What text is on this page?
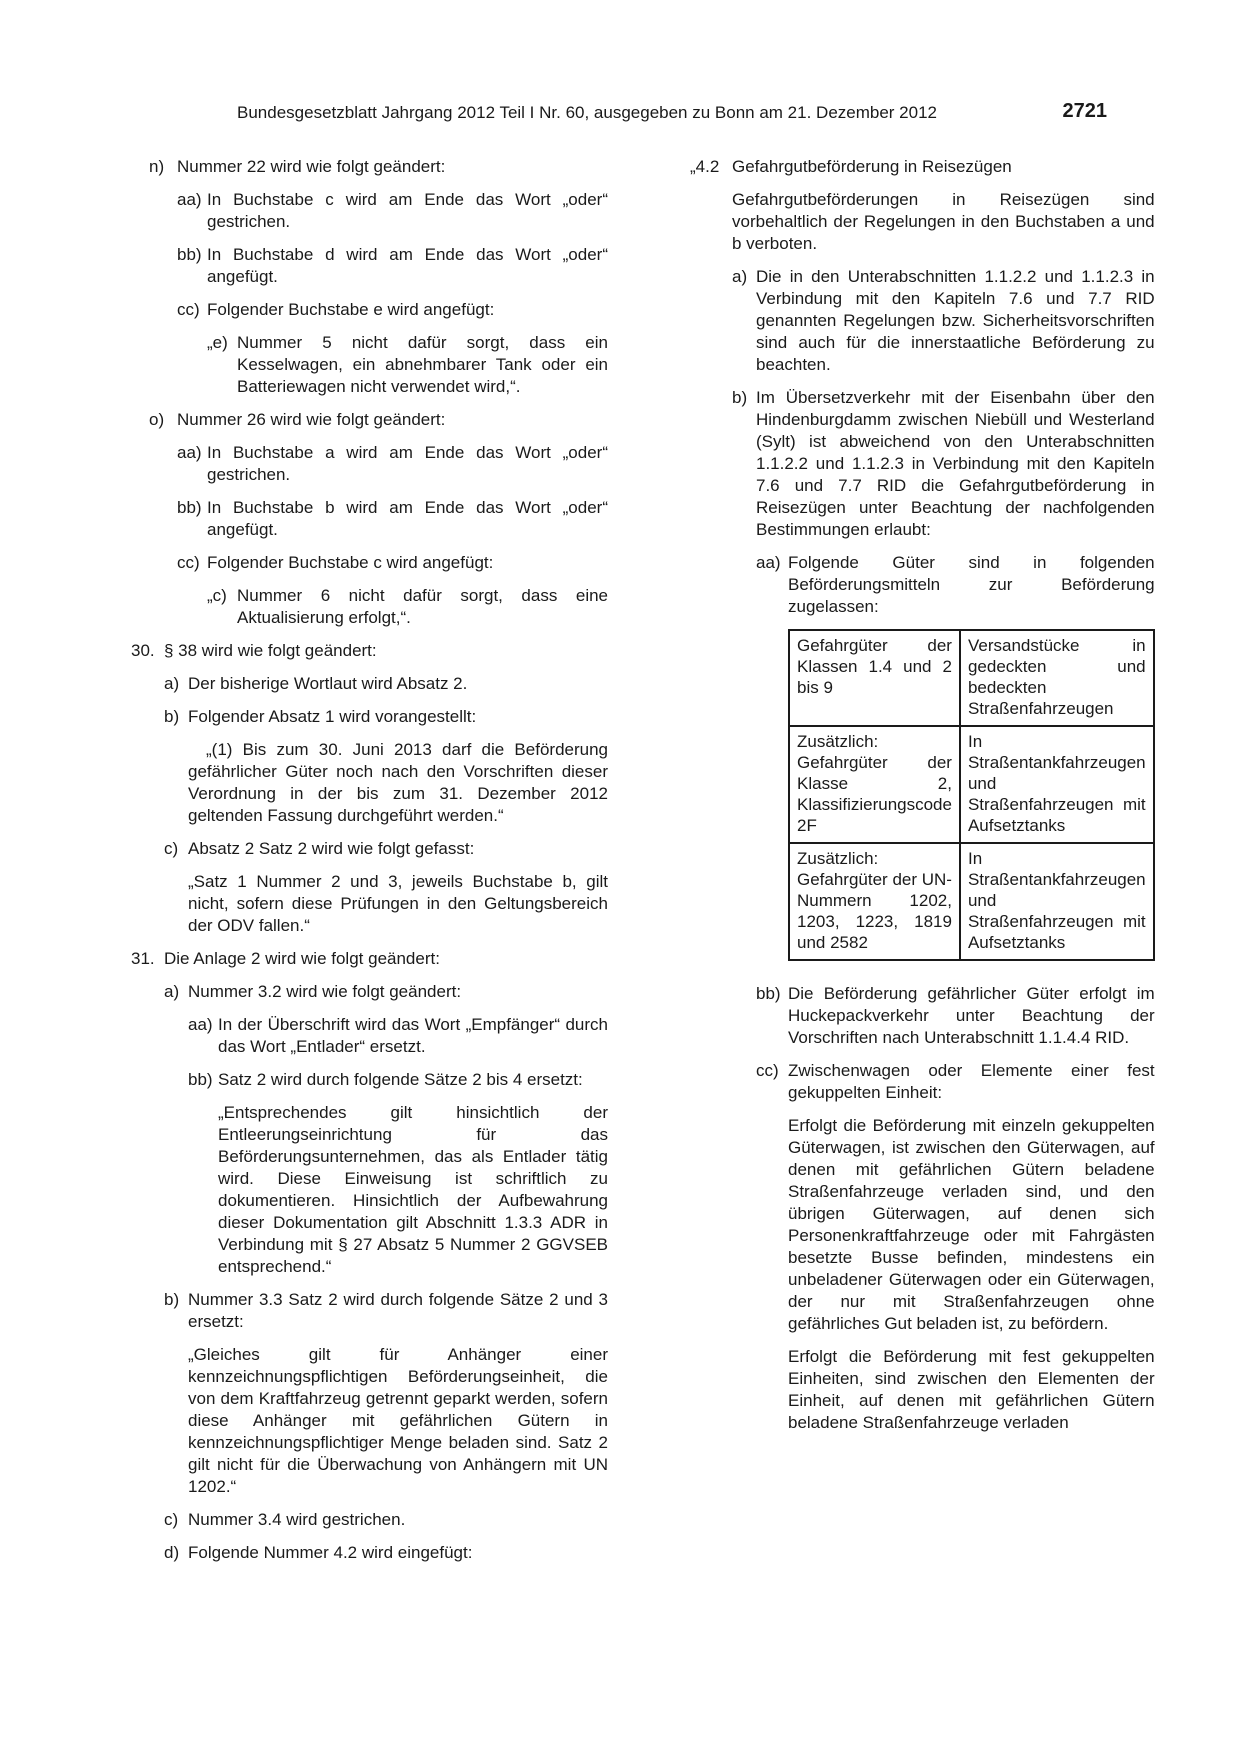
Bundesgesetzblatt Jahrgang 2012 Teil I Nr. 60, ausgegeben zu Bonn am 21. Dezember 2012	2721
n) Nummer 22 wird wie folgt geändert:
aa) In Buchstabe c wird am Ende das Wort „oder“ gestrichen.
bb) In Buchstabe d wird am Ende das Wort „oder“ angefügt.
cc) Folgender Buchstabe e wird angefügt:
„e) Nummer 5 nicht dafür sorgt, dass ein Kesselwagen, ein abnehmbarer Tank oder ein Batteriewagen nicht verwendet wird,“.
o) Nummer 26 wird wie folgt geändert:
aa) In Buchstabe a wird am Ende das Wort „oder“ gestrichen.
bb) In Buchstabe b wird am Ende das Wort „oder“ angefügt.
cc) Folgender Buchstabe c wird angefügt:
„c) Nummer 6 nicht dafür sorgt, dass eine Aktualisierung erfolgt,“.
30. § 38 wird wie folgt geändert:
a) Der bisherige Wortlaut wird Absatz 2.
b) Folgender Absatz 1 wird vorangestellt:
„(1) Bis zum 30. Juni 2013 darf die Beförderung gefährlicher Güter noch nach den Vorschriften dieser Verordnung in der bis zum 31. Dezember 2012 geltenden Fassung durchgeführt werden.“
c) Absatz 2 Satz 2 wird wie folgt gefasst:
„Satz 1 Nummer 2 und 3, jeweils Buchstabe b, gilt nicht, sofern diese Prüfungen in den Geltungsbereich der ODV fallen.“
31. Die Anlage 2 wird wie folgt geändert:
a) Nummer 3.2 wird wie folgt geändert:
aa) In der Überschrift wird das Wort „Empfänger“ durch das Wort „Entlader“ ersetzt.
bb) Satz 2 wird durch folgende Sätze 2 bis 4 ersetzt:
„Entsprechendes gilt hinsichtlich der Entleerungseinrichtung für das Beförderungsunternehmen, das als Entlader tätig wird. Diese Einweisung ist schriftlich zu dokumentieren. Hinsichtlich der Aufbewahrung dieser Dokumentation gilt Abschnitt 1.3.3 ADR in Verbindung mit § 27 Absatz 5 Nummer 2 GGVSEB entsprechend.“
b) Nummer 3.3 Satz 2 wird durch folgende Sätze 2 und 3 ersetzt:
„Gleiches gilt für Anhänger einer kennzeichnungspflichtigen Beförderungseinheit, die von dem Kraftfahrzeug getrennt geparkt werden, sofern diese Anhänger mit gefährlichen Gütern in kennzeichnungspflichtiger Menge beladen sind. Satz 2 gilt nicht für die Überwachung von Anhängern mit UN 1202.“
c) Nummer 3.4 wird gestrichen.
d) Folgende Nummer 4.2 wird eingefügt:
„4.2 Gefahrgutbeförderung in Reisezügen
Gefahrgutbeförderungen in Reisezügen sind vorbehaltlich der Regelungen in den Buchstaben a und b verboten.
a) Die in den Unterabschnitten 1.1.2.2 und 1.1.2.3 in Verbindung mit den Kapiteln 7.6 und 7.7 RID genannten Regelungen bzw. Sicherheitsvorschriften sind auch für die innerstaatliche Beförderung zu beachten.
b) Im Übersetzverkehr mit der Eisenbahn über den Hindenburgdamm zwischen Niebüll und Westerland (Sylt) ist abweichend von den Unterabschnitten 1.1.2.2 und 1.1.2.3 in Verbindung mit den Kapiteln 7.6 und 7.7 RID die Gefahrgutbeförderung in Reisezügen unter Beachtung der nachfolgenden Bestimmungen erlaubt:
aa) Folgende Güter sind in folgenden Beförderungsmitteln zur Beförderung zugelassen:
Gefahrgüter der Klassen 1.4 und 2 bis 9	Versandstücke in gedeckten und bedeckten Straßenfahrzeugen
Zusätzlich: Gefahrgüter der Klasse 2, Klassifizierungscode 2F	In Straßentankfahrzeugen und Straßenfahrzeugen mit Aufsetztanks
Zusätzlich: Gefahrgüter der UN-Nummern 1202, 1203, 1223, 1819 und 2582	In Straßentankfahrzeugen und Straßenfahrzeugen mit Aufsetztanks
bb) Die Beförderung gefährlicher Güter erfolgt im Huckepackverkehr unter Beachtung der Vorschriften nach Unterabschnitt 1.1.4.4 RID.
cc) Zwischenwagen oder Elemente einer fest gekuppelten Einheit:
Erfolgt die Beförderung mit einzeln gekuppelten Güterwagen, ist zwischen den Güterwagen, auf denen mit gefährlichen Gütern beladene Straßenfahrzeuge verladen sind, und den übrigen Güterwagen, auf denen sich Personenkraftfahrzeuge oder mit Fahrgästen besetzte Busse befinden, mindestens ein unbeladener Güterwagen oder ein Güterwagen, der nur mit Straßenfahrzeugen ohne gefährliches Gut beladen ist, zu befördern.
Erfolgt die Beförderung mit fest gekuppelten Einheiten, sind zwischen den Elementen der Einheit, auf denen mit gefährlichen Gütern beladene Straßenfahrzeuge verladen
